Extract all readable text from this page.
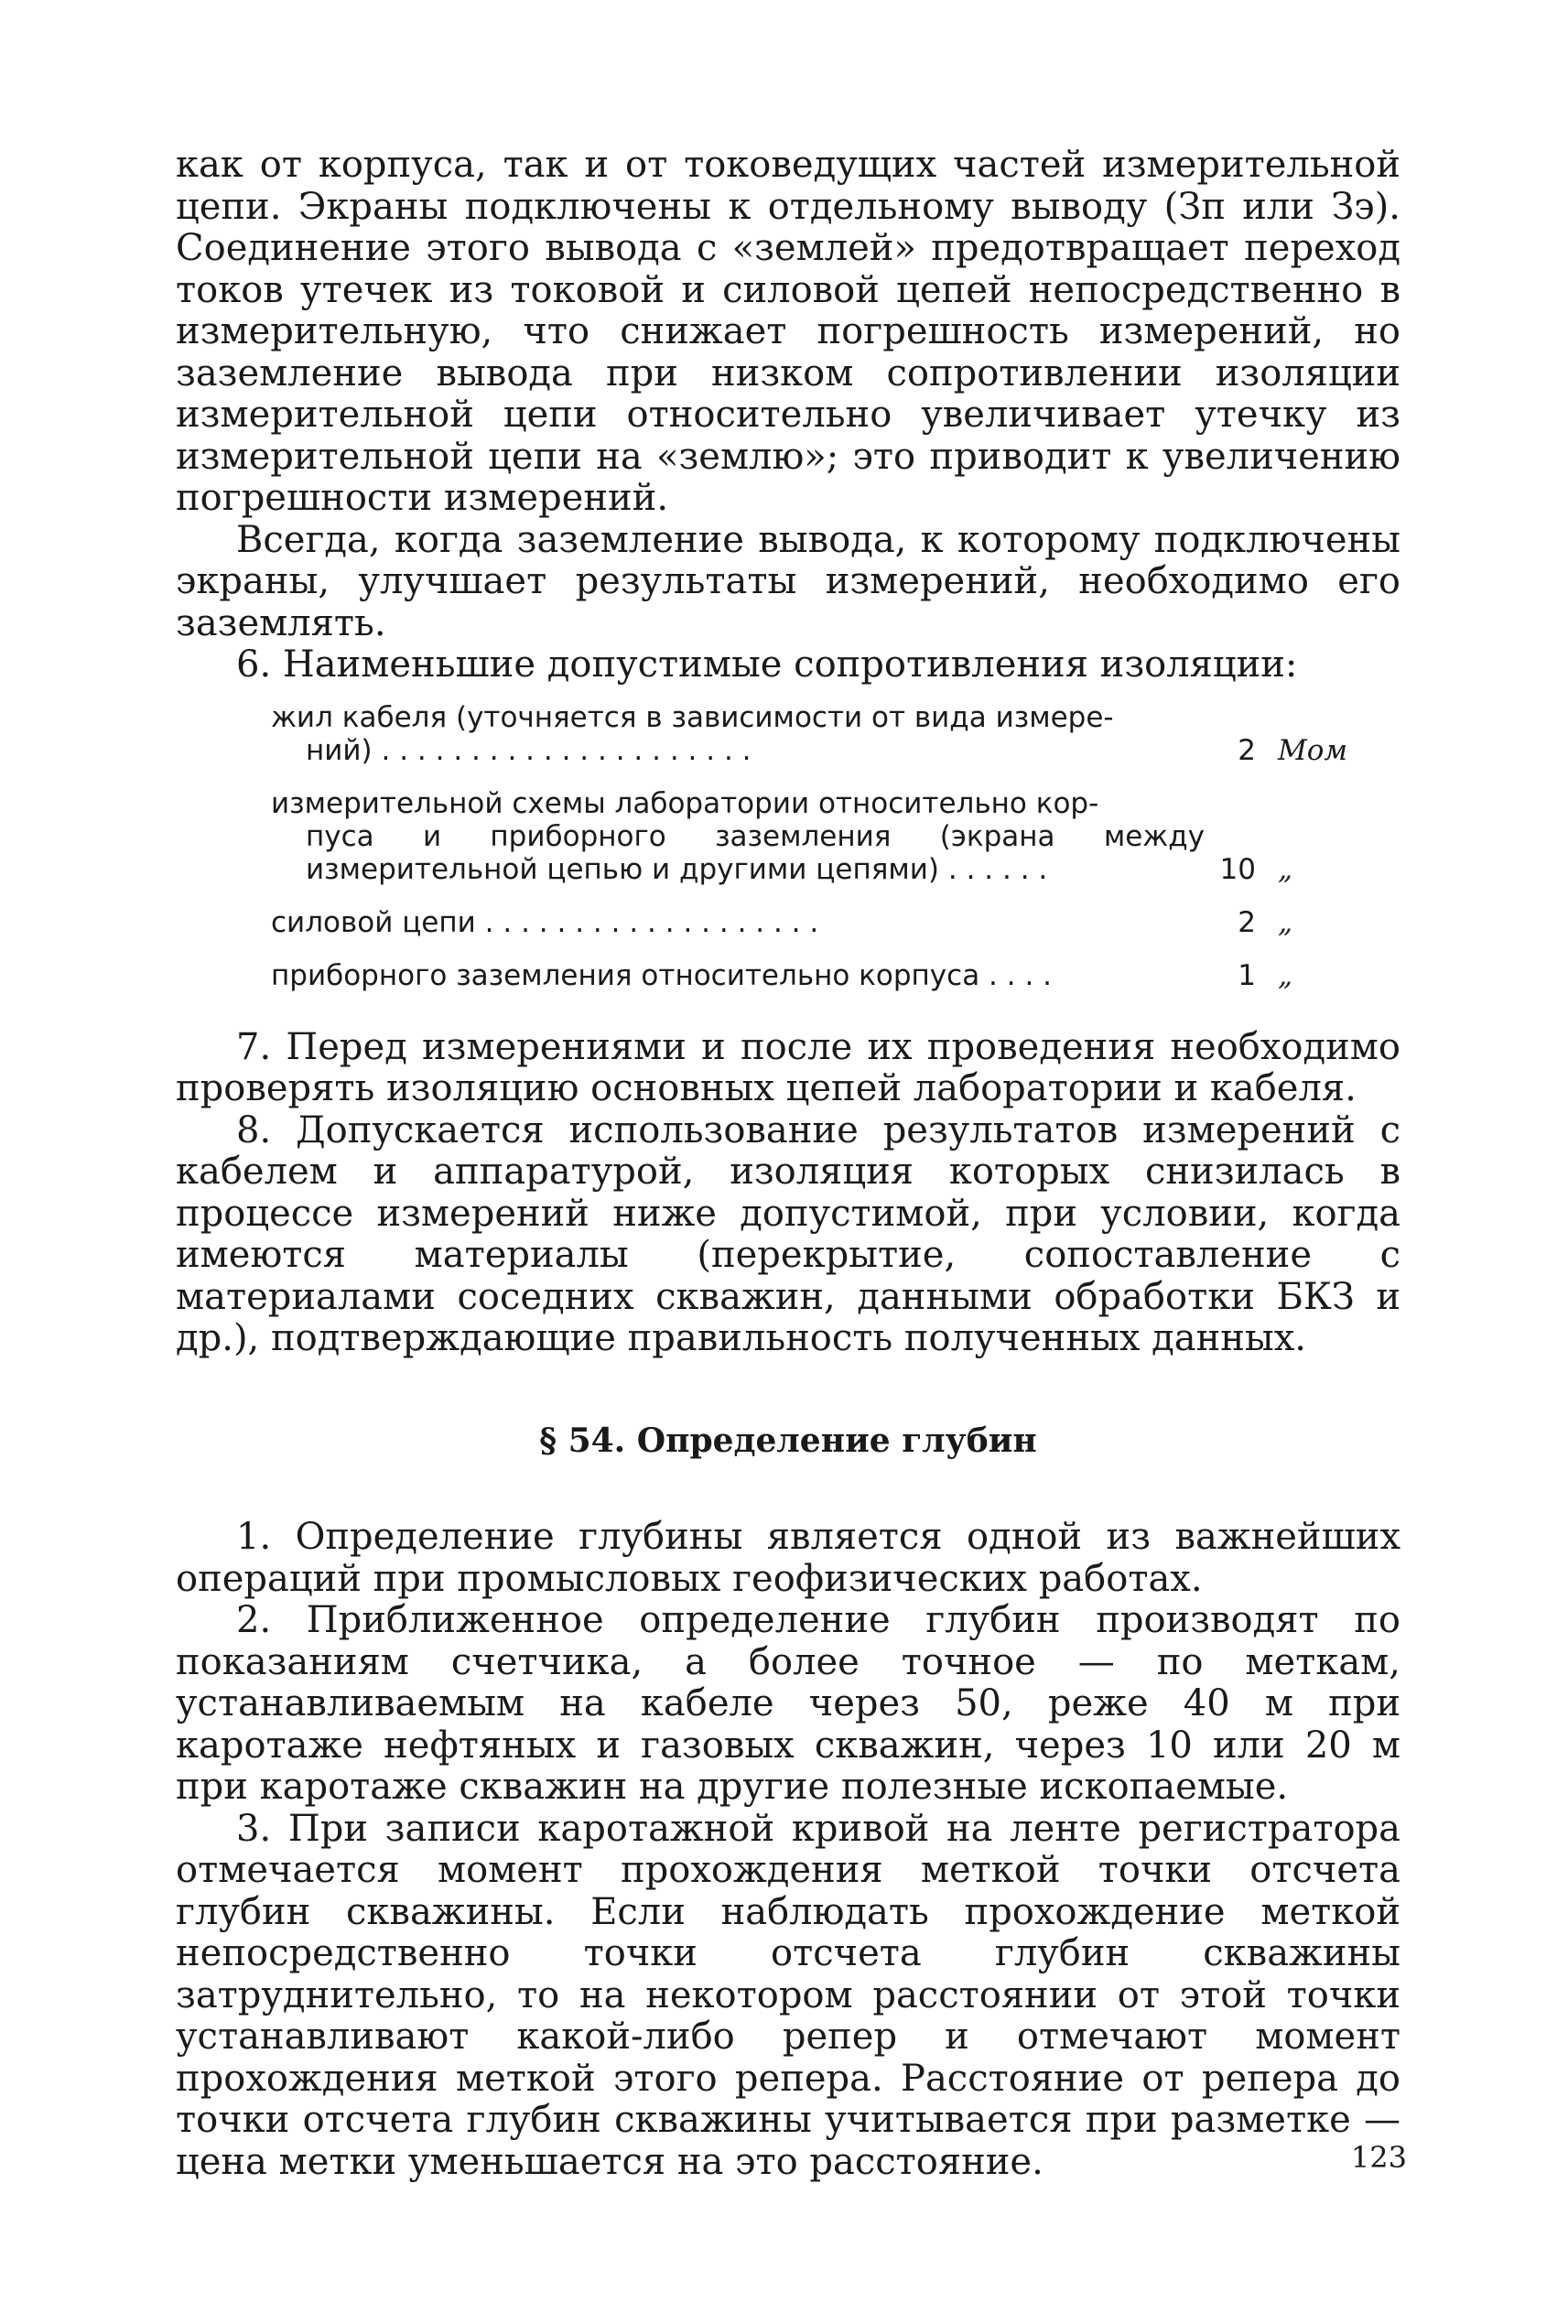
как от корпуса, так и от токоведущих частей измерительной цепи. Экраны подключены к отдельному выводу (Зп или Зэ). Соединение этого вывода с «землей» предотвращает переход токов утечек из токовой и силовой цепей непосредственно в измерительную, что снижает погрешность измерений, но заземление вывода при низком сопротивлении изоляции измерительной цепи относительно увеличивает утечку из измерительной цепи на «землю»; это приводит к увеличению погрешности измерений.

Всегда, когда заземление вывода, к которому подключены экраны, улучшает результаты измерений, необходимо его заземлять.

6. Наименьшие допустимые сопротивления изоляции:

жил кабеля (уточняется в зависимости от вида измере-
ний) . . . . . . . . . . . . . . . . . . . . .	2 Мом
измерительной схемы лаборатории относительно кор-
пуса и приборного заземления (экрана между измерительной цепью и другими цепями) . . . . . .	10 „
силовой цепи . . . . . . . . . . . . . . . . . . .	2 „
приборного заземления относительно корпуса . . . .	1 „

7. Перед измерениями и после их проведения необходимо проверять изоляцию основных цепей лаборатории и кабеля.

8. Допускается использование результатов измерений с кабелем и аппаратурой, изоляция которых снизилась в процессе измерений ниже допустимой, при условии, когда имеются материалы (перекрытие, сопоставление с материалами соседних скважин, данными обработки БКЗ и др.), подтверждающие правильность полученных данных.

§ 54. Определение глубин

1. Определение глубины является одной из важнейших операций при промысловых геофизических работах.

2. Приближенное определение глубин производят по показаниям счетчика, а более точное — по меткам, устанавливаемым на кабеле через 50, реже 40 м при каротаже нефтяных и газовых скважин, через 10 или 20 м при каротаже скважин на другие полезные ископаемые.

3. При записи каротажной кривой на ленте регистратора отмечается момент прохождения меткой точки отсчета глубин скважины. Если наблюдать прохождение меткой непосредственно точки отсчета глубин скважины затруднительно, то на некотором расстоянии от этой точки устанавливают какой-либо репер и отмечают момент прохождения меткой этого репера. Расстояние от репера до точки отсчета глубин скважины учитывается при разметке — цена метки уменьшается на это расстояние.	123
